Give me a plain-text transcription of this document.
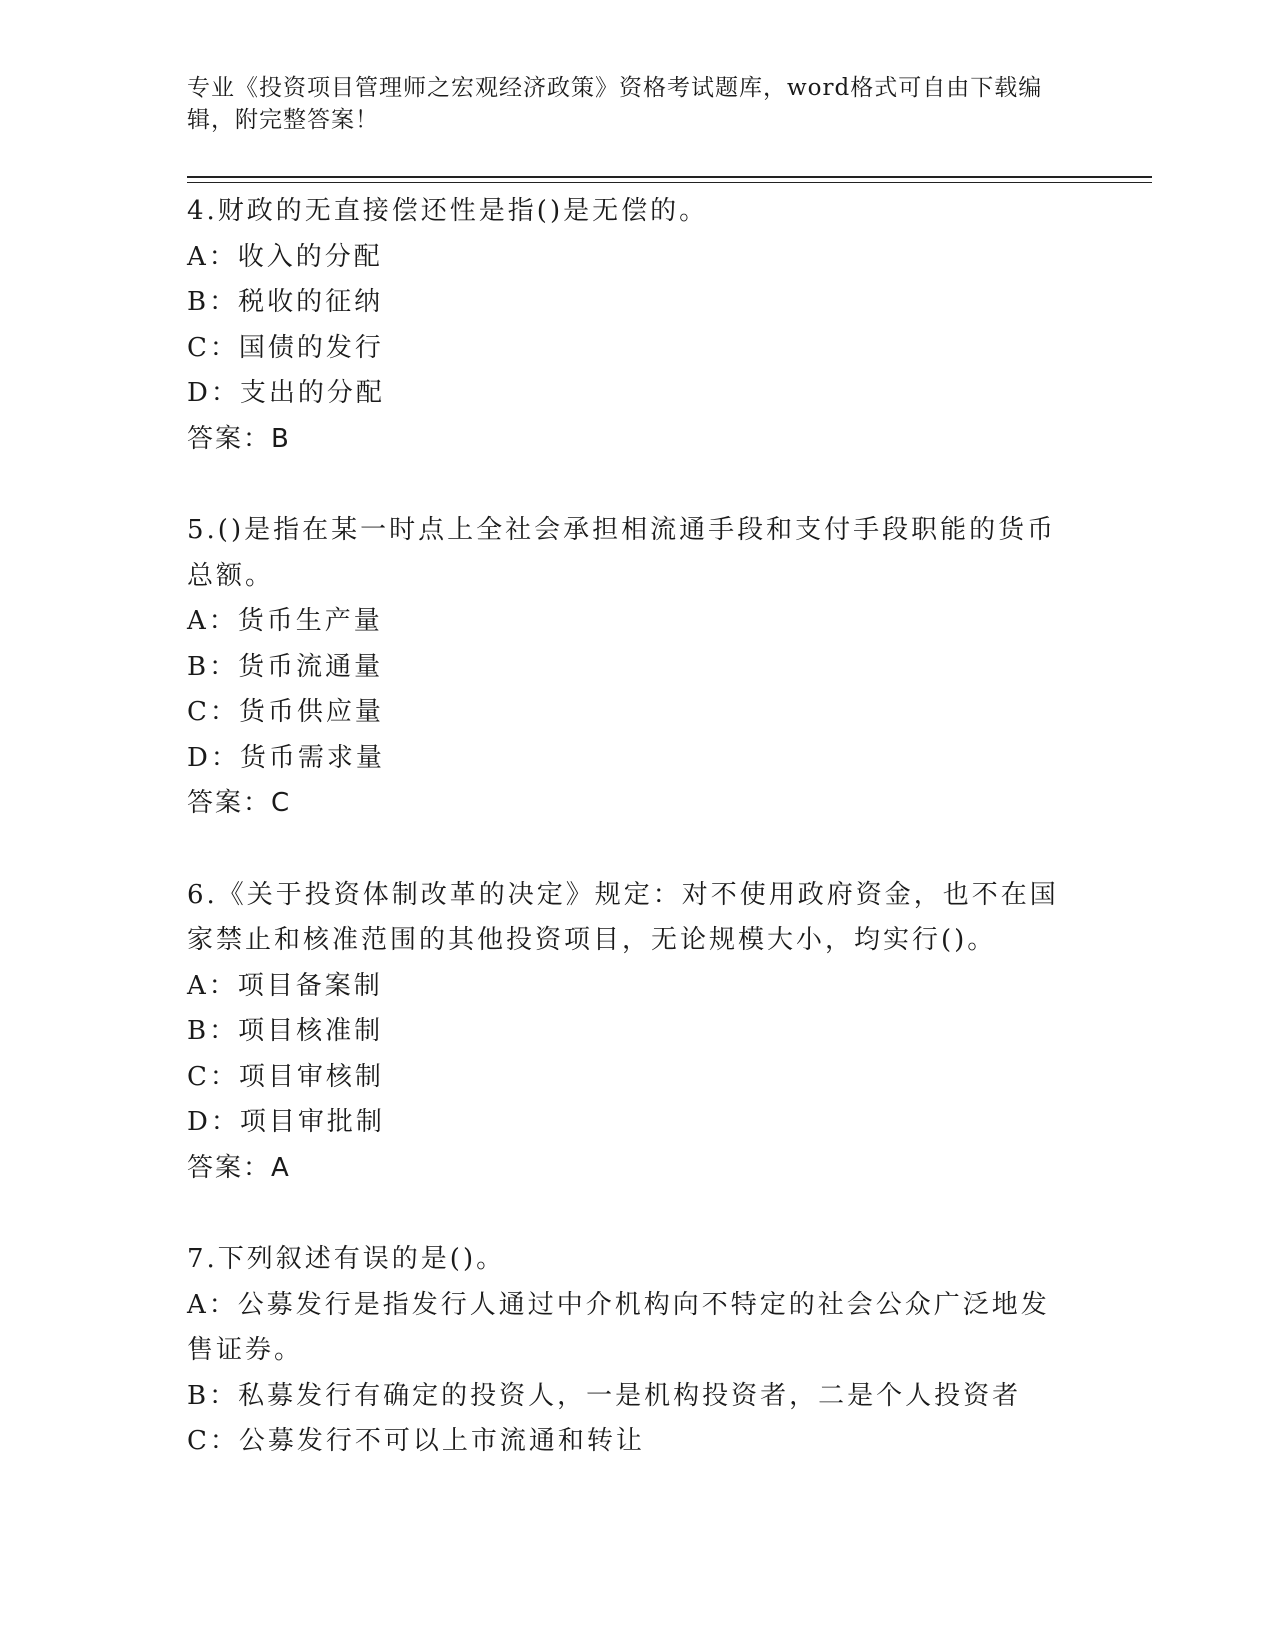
专业《投资项目管理师之宏观经济政策》资格考试题库，word格式可自由下载编辑，附完整答案！
4.财政的无直接偿还性是指()是无偿的。
A：收入的分配
B：税收的征纳
C：国债的发行
D：支出的分配
答案：B
5.()是指在某一时点上全社会承担相流通手段和支付手段职能的货币总额。
A：货币生产量
B：货币流通量
C：货币供应量
D：货币需求量
答案：C
6.《关于投资体制改革的决定》规定：对不使用政府资金，也不在国家禁止和核准范围的其他投资项目，无论规模大小，均实行()。
A：项目备案制
B：项目核准制
C：项目审核制
D：项目审批制
答案：A
7.下列叙述有误的是()。
A：公募发行是指发行人通过中介机构向不特定的社会公众广泛地发售证券。
B：私募发行有确定的投资人，一是机构投资者，二是个人投资者
C：公募发行不可以上市流通和转让
